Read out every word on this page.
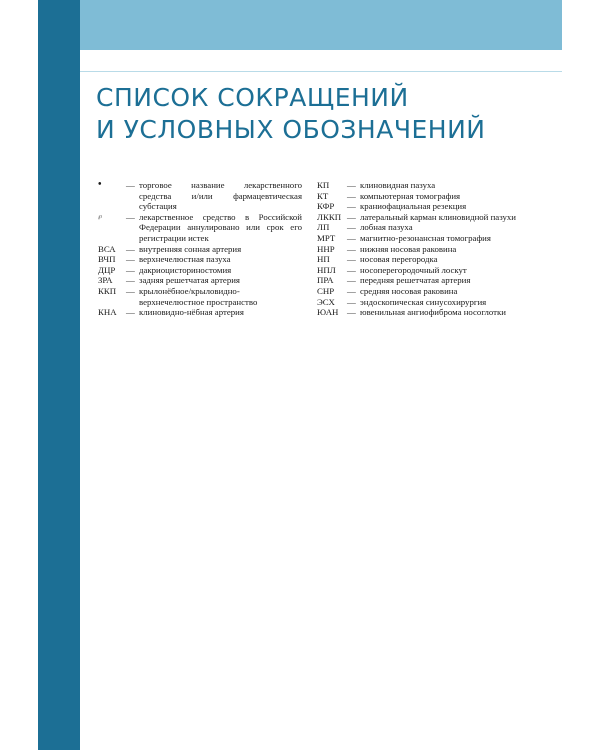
СПИСОК СОКРАЩЕНИЙ
И УСЛОВНЫХ ОБОЗНАЧЕНИЙ
•	— торговое название лекарственного средства и/или фармацевтическая субстация
℘	— лекарственное средство в Российской Федерации аннулировано или срок его регистрации истек
ВСА	— внутренняя сонная артерия
ВЧП	— верхнечелюстная пазуха
ДЦР	— дакриоцисториностомия
ЗРА	— задняя решетчатая артерия
ККП	— крылонёбное/крыловидно-верхнечелюстное пространство
КНА	— клиновидно-нёбная артерия
КП	— клиновидная пазуха
КТ	— компьютерная томография
КФР	— краниофациальная резекция
ЛККП — латеральный карман клиновидной пазухи
ЛП	— лобная пазуха
МРТ	— магнитно-резонансная томография
ННР	— нижняя носовая раковина
НП	— носовая перегородка
НПЛ	— носоперегородочный лоскут
ПРА	— передняя решетчатая артерия
СНР	— средняя носовая раковина
ЭСХ	— эндоскопическая синусохирургия
ЮАН — ювенильная ангиофиброма носоглотки
